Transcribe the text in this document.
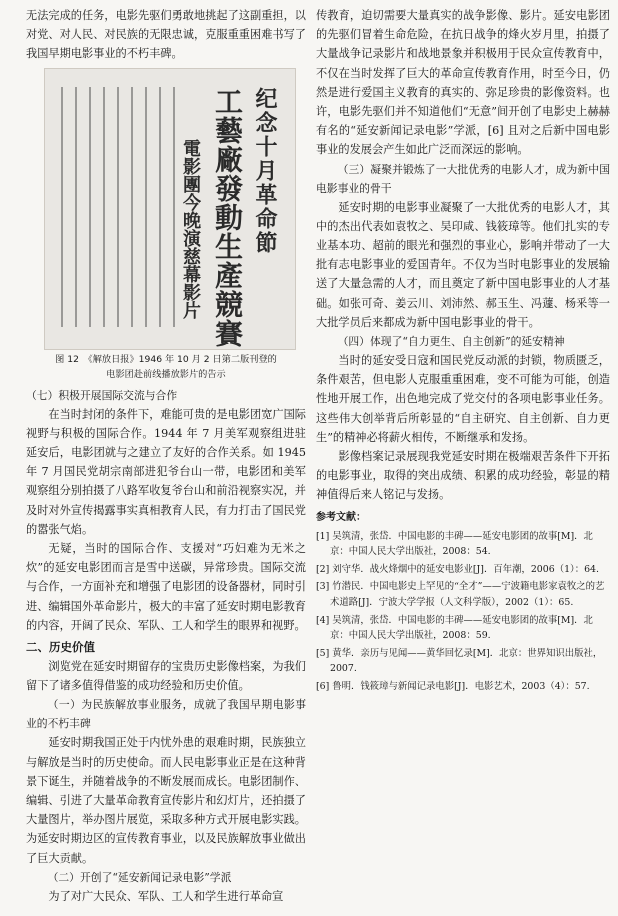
无法完成的任务，电影先驱们勇敢地挑起了这副重担，以对党、对人民、对民族的无限忠诚，克服重重困难书写了我国早期电影事业的不朽丰碑。

纪念十月革命節
工藝廠發動生產競賽
電影團今晚演慈幕影片
图 12　《解放日报》1946 年 10 月 2 日第二版刊登的
电影团赴前线播放影片的告示

（七）积极开展国际交流与合作

在当时封闭的条件下，难能可贵的是电影团宽广国际视野与积极的国际合作。1944 年 7 月美军观察组进驻延安后，电影团就与之建立了友好的合作关系。如 1945 年 7 月国民党胡宗南部进犯爷台山一带，电影团和美军观察组分别拍摄了八路军收复爷台山和前沿视察实况，并及时对外宣传揭露事实真相教育人民，有力打击了国民党的嚣张气焰。

无疑，当时的国际合作、支援对“巧妇难为无米之炊”的延安电影团而言是雪中送碳，异常珍贵。国际交流与合作，一方面补充和增强了电影团的设备器材，同时引进、编辑国外革命影片，极大的丰富了延安时期电影教育的内容，开阔了民众、军队、工人和学生的眼界和视野。

二、历史价值

浏览党在延安时期留存的宝贵历史影像档案，为我们留下了诸多值得借鉴的成功经验和历史价值。

（一）为民族解放事业服务，成就了我国早期电影事业的不朽丰碑

延安时期我国正处于内忧外患的艰难时期，民族独立与解放是当时的历史使命。而人民电影事业正是在这种背景下诞生，并随着战争的不断发展而成长。电影团制作、编辑、引进了大量革命教育宣传影片和幻灯片，还拍摄了大量图片，举办图片展览，采取多种方式开展电影实践。为延安时期边区的宣传教育事业，以及民族解放事业做出了巨大贡献。

（二）开创了“延安新闻记录电影”学派

为了对广大民众、军队、工人和学生进行革命宣

传教育，迫切需要大量真实的战争影像、影片。延安电影团的先驱们冒着生命危险，在抗日战争的烽火岁月里，拍摄了大量战争记录影片和战地景象并积极用于民众宣传教育中，不仅在当时发挥了巨大的革命宣传教育作用，时至今日，仍然是进行爱国主义教育的真实的、弥足珍贵的影像资料。也许，电影先驱们并不知道他们“无意”间开创了电影史上赫赫有名的“延安新闻记录电影”学派，[6] 且对之后新中国电影事业的发展会产生如此广泛而深远的影响。

（三）凝聚并锻炼了一大批优秀的电影人才，成为新中国电影事业的骨干

延安时期的电影事业凝聚了一大批优秀的电影人才，其中的杰出代表如袁牧之、吴印咸、钱筱璋等。他们扎实的专业基本功、超前的眼光和强烈的事业心，影响并带动了一大批有志电影事业的爱国青年。不仅为当时电影事业的发展输送了大量急需的人才，而且奠定了新中国电影事业的人才基础。如张可奇、姜云川、刘沛然、郝玉生、冯蘧、杨釆等一大批学员后来都成为新中国电影事业的骨干。

（四）体现了“自力更生、自主创新”的延安精神

当时的延安受日寇和国民党反动派的封锁，物质匮乏，条件艰苦，但电影人克服重重困难，变不可能为可能，创造性地开展工作，出色地完成了党交付的各项电影事业任务。这些伟大创举背后所彰显的“自主研究、自主创新、自力更生”的精神必将薪火相传，不断继承和发扬。

影像档案记录展现我党延安时期在极端艰苦条件下开拓的电影事业，取得的突出成绩、积累的成功经验，彰显的精神值得后来人铭记与发扬。

参考文献：

[1] 吴筑清，张岱．中国电影的丰碑——延安电影团的故事[M]．北京：中国人民大学出版社，2008：54.

[2] 刘守华．战火烽烟中的延安电影业[J]．百年潮，2006（1）：64.

[3] 竹潜民．中国电影史上罕见的“全才”——宁波籍电影家袁牧之的艺术道路[J]．宁波大学学报（人文科学版），2002（1）：65.

[4] 吴筑清，张岱．中国电影的丰碑——延安电影团的故事[M]．北京：中国人民大学出版社，2008：59.

[5] 黄华．亲历与见闻——黄华回忆录[M]．北京：世界知识出版社，2007.

[6] 鲁明．钱筱璋与新闻记录电影[J]．电影艺术，2003（4）：57.
